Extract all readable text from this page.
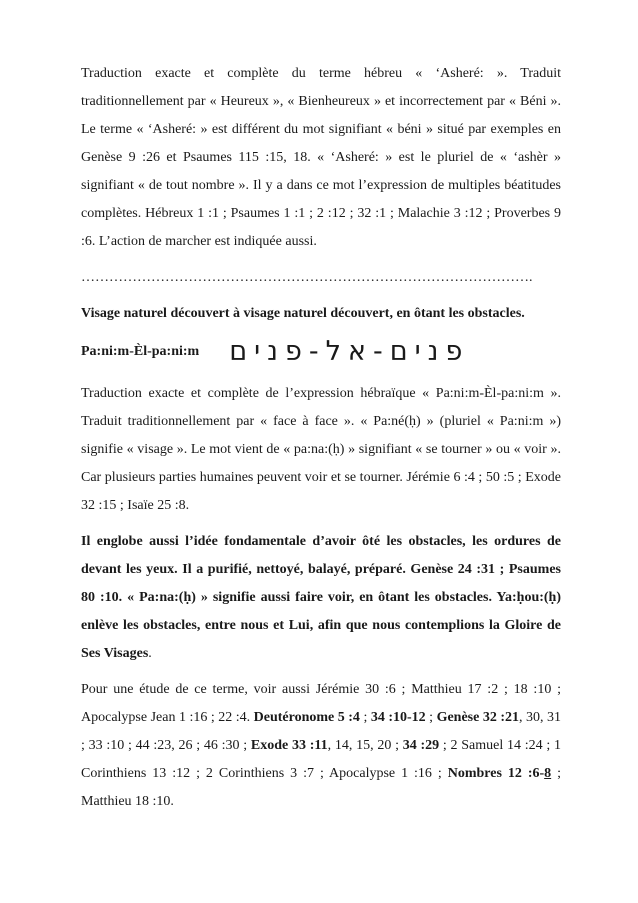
Traduction exacte et complète du terme hébreu « ‘Asheré: ». Traduit traditionnellement par « Heureux », « Bienheureux » et incorrectement par « Béni ». Le terme « ‘Asheré: » est différent du mot signifiant « béni » situé par exemples en Genèse 9 :26 et Psaumes 115 :15, 18. « ‘Asheré: » est le pluriel de « ‘ashèr » signifiant « de tout nombre ». Il y a dans ce mot l’expression de multiples béatitudes complètes. Hébreux 1 :1 ; Psaumes 1 :1 ; 2 :12 ; 32 :1 ; Malachie 3 :12 ; Proverbes 9 :6. L’action de marcher est indiquée aussi.

…………………………………………………………………………………….

Visage naturel découvert à visage naturel découvert, en ôtant les obstacles.

Pa:ni:m-Èl-pa:ni:m פנים-אל-פנים

Traduction exacte et complète de l’expression hébraïque « Pa:ni:m-Èl-pa:ni:m ». Traduit traditionnellement par « face à face ». « Pa:né(ḥ) » (pluriel « Pa:ni:m ») signifie « visage ». Le mot vient de « pa:na:(ḥ) » signifiant « se tourner » ou « voir ». Car plusieurs parties humaines peuvent voir et se tourner. Jérémie 6 :4 ; 50 :5 ; Exode 32 :15 ; Isaïe 25 :8.

Il englobe aussi l’idée fondamentale d’avoir ôté les obstacles, les ordures de devant les yeux. Il a purifié, nettoyé, balayé, préparé. Genèse 24 :31 ; Psaumes 80 :10. « Pa:na:(ḥ) » signifie aussi faire voir, en ôtant les obstacles. Ya:ḥou:(ḥ) enlève les obstacles, entre nous et Lui, afin que nous contemplions la Gloire de Ses Visages.

Pour une étude de ce terme, voir aussi Jérémie 30 :6 ; Matthieu 17 :2 ; 18 :10 ; Apocalypse Jean 1 :16 ; 22 :4. Deutéronome 5 :4 ; 34 :10-12 ; Genèse 32 :21, 30, 31 ; 33 :10 ; 44 :23, 26 ; 46 :30 ; Exode 33 :11, 14, 15, 20 ; 34 :29 ; 2 Samuel 14 :24 ; 1 Corinthiens 13 :12 ; 2 Corinthiens 3 :7 ; Apocalypse 1 :16 ; Nombres 12 :6-8 ; Matthieu 18 :10.
